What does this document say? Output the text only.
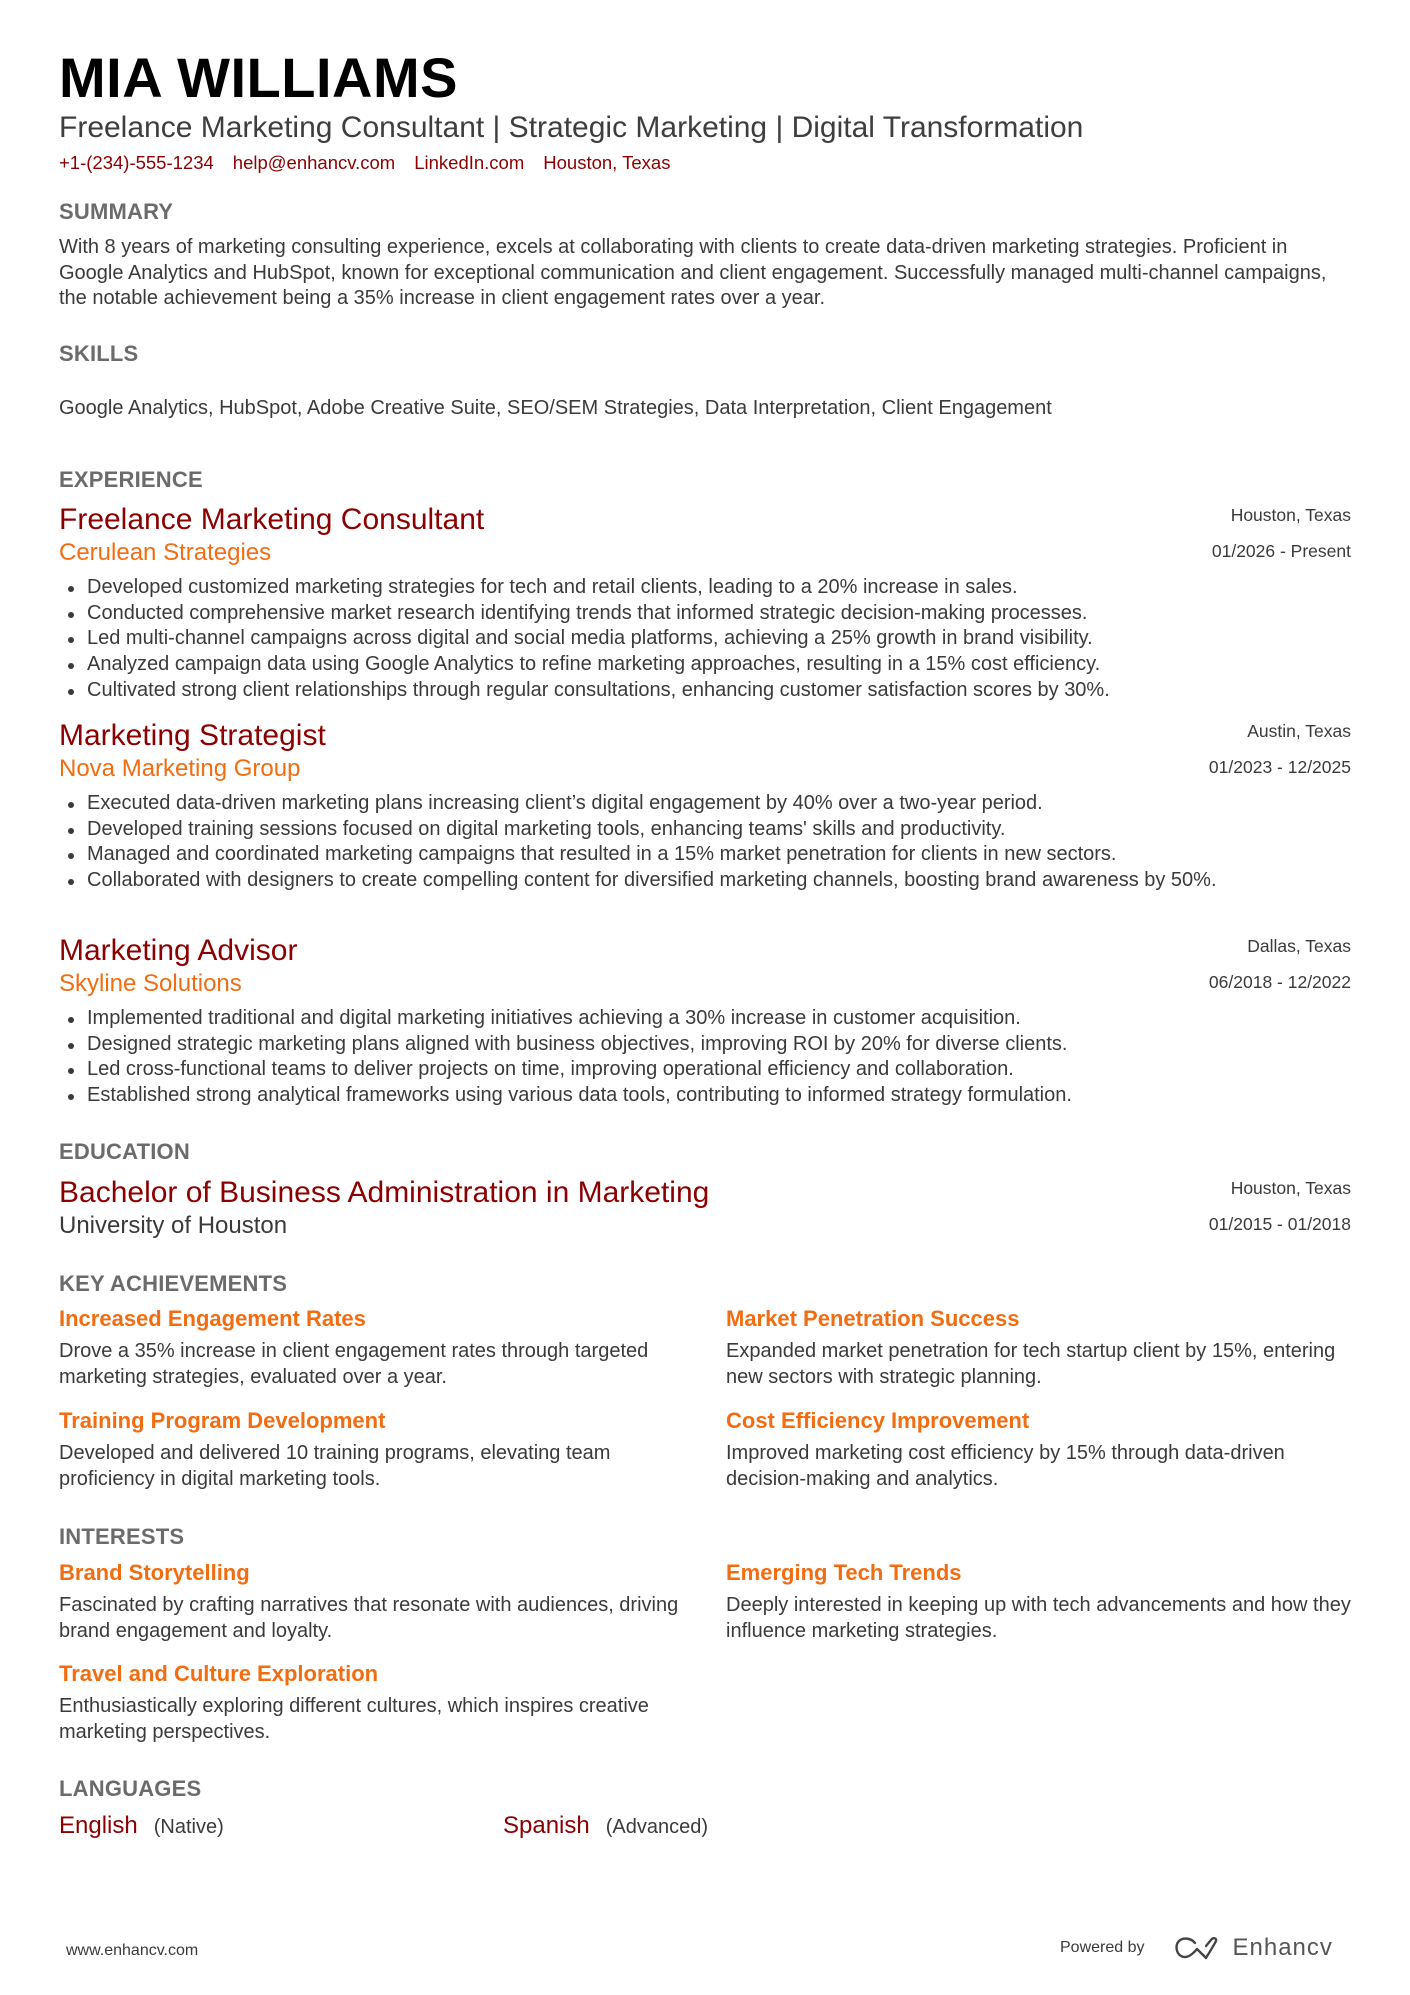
MIA WILLIAMS
Freelance Marketing Consultant | Strategic Marketing | Digital Transformation
+1-(234)-555-1234 help@enhancv.com LinkedIn.com Houston, Texas
SUMMARY
With 8 years of marketing consulting experience, excels at collaborating with clients to create data-driven marketing strategies. Proficient in Google Analytics and HubSpot, known for exceptional communication and client engagement. Successfully managed multi-channel campaigns, the notable achievement being a 35% increase in client engagement rates over a year.
SKILLS
Google Analytics, HubSpot, Adobe Creative Suite, SEO/SEM Strategies, Data Interpretation, Client Engagement
EXPERIENCE
Freelance Marketing Consultant
Cerulean Strategies
Houston, Texas
01/2026 - Present
Developed customized marketing strategies for tech and retail clients, leading to a 20% increase in sales.
Conducted comprehensive market research identifying trends that informed strategic decision-making processes.
Led multi-channel campaigns across digital and social media platforms, achieving a 25% growth in brand visibility.
Analyzed campaign data using Google Analytics to refine marketing approaches, resulting in a 15% cost efficiency.
Cultivated strong client relationships through regular consultations, enhancing customer satisfaction scores by 30%.
Marketing Strategist
Nova Marketing Group
Austin, Texas
01/2023 - 12/2025
Executed data-driven marketing plans increasing client’s digital engagement by 40% over a two-year period.
Developed training sessions focused on digital marketing tools, enhancing teams' skills and productivity.
Managed and coordinated marketing campaigns that resulted in a 15% market penetration for clients in new sectors.
Collaborated with designers to create compelling content for diversified marketing channels, boosting brand awareness by 50%.
Marketing Advisor
Skyline Solutions
Dallas, Texas
06/2018 - 12/2022
Implemented traditional and digital marketing initiatives achieving a 30% increase in customer acquisition.
Designed strategic marketing plans aligned with business objectives, improving ROI by 20% for diverse clients.
Led cross-functional teams to deliver projects on time, improving operational efficiency and collaboration.
Established strong analytical frameworks using various data tools, contributing to informed strategy formulation.
EDUCATION
Bachelor of Business Administration in Marketing
University of Houston
Houston, Texas
01/2015 - 01/2018
KEY ACHIEVEMENTS
Increased Engagement Rates
Drove a 35% increase in client engagement rates through targeted marketing strategies, evaluated over a year.
Market Penetration Success
Expanded market penetration for tech startup client by 15%, entering new sectors with strategic planning.
Training Program Development
Developed and delivered 10 training programs, elevating team proficiency in digital marketing tools.
Cost Efficiency Improvement
Improved marketing cost efficiency by 15% through data-driven decision-making and analytics.
INTERESTS
Brand Storytelling
Fascinated by crafting narratives that resonate with audiences, driving brand engagement and loyalty.
Emerging Tech Trends
Deeply interested in keeping up with tech advancements and how they influence marketing strategies.
Travel and Culture Exploration
Enthusiastically exploring different cultures, which inspires creative marketing perspectives.
LANGUAGES
English (Native)	Spanish (Advanced)
www.enhancv.com	Powered by	Enhancv
